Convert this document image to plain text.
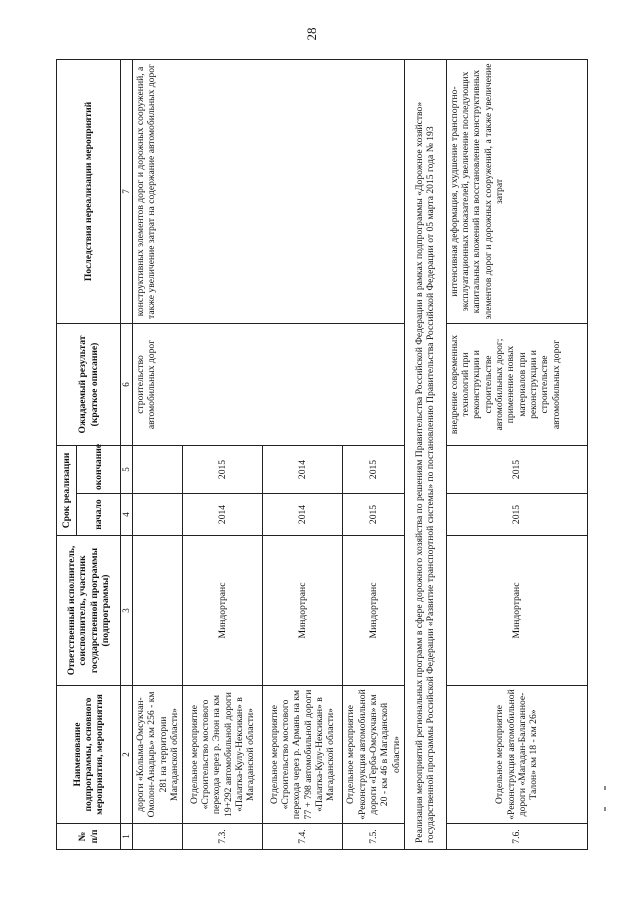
28
№ п/п	Наименование подпрограммы, основного мероприятия, мероприятия	Ответственный исполнитель, соисполнитель, участник государственной программы (подпрограммы)	Срок реализации		Ожидаемый результат (краткое описание)	Последствия нереализации мероприятий
			начало	окончание		
1	2	3	4	5	6	7
	дороги «Колыма-Омсукчан-Омолон-Анадырь» км 256 - км 281 на территории Магаданской области»				строительство автомобильных дорог	конструктивных элементов дорог и дорожных сооружений, а также увеличение затрат на содержание автомобильных дорог
7.3.	Отдельное мероприятие «Строительство мостового перехода через р. Энон на км 19+292 автомобильной дороги «Палатка-Кулу-Нексикан» в Магаданской области»	Миндортранс	2014	2015		
7.4.	Отдельное мероприятие «Строительство мостового перехода через р. Армань на км 77 + 798 автомобильной дороги «Палатка-Кулу-Нексикан» в Магаданской области»	Миндортранс	2014	2014		
7.5.	Отдельное мероприятие «Реконструкция автомобильной дороги «Герба-Омсукчан» км 20 - км 46 в Магаданской области»	Миндортранс	2015	2015		
Реализация мероприятий региональных программ в сфере дорожного хозяйства по решениям Правительства Российской Федерации в рамках подпрограммы «Дорожное хозяйство» государственной программы Российской Федерации «Развитие транспортной системы» по постановлению Правительства Российской Федерации от 05 марта 2015 года № 193						
7.6.	Отдельное мероприятие «Реконструкция автомобильной дороги «Магадан-Балаганное-Талон» км 18 - км 26»	Миндортранс	2015	2015	внедрение современных технологий при реконструкции и строительстве автомобильных дорог; применение новых материалов при реконструкции и строительстве автомобильных дорог	интенсивная деформация, ухудшение транспортно-эксплуатационных показателей, увеличение последующих капитальных вложений на восстановление конструктивных элементов дорог и дорожных сооружений, а также увеличение затрат
